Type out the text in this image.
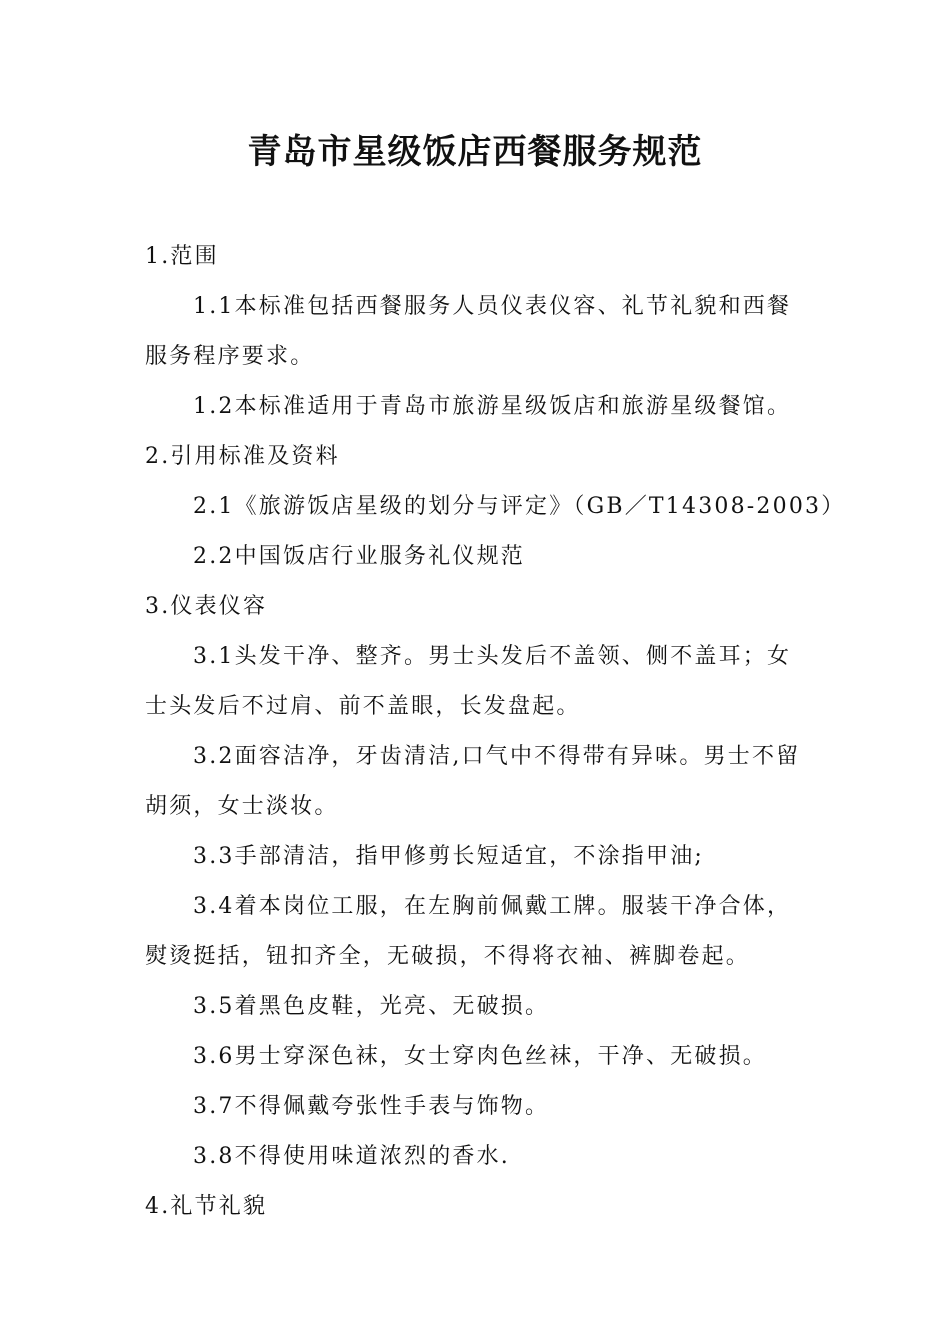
青岛市星级饭店西餐服务规范

1.范围

1.1本标准包括西餐服务人员仪表仪容、礼节礼貌和西餐服务程序要求。

1.2本标准适用于青岛市旅游星级饭店和旅游星级餐馆。

2.引用标准及资料

2.1《旅游饭店星级的划分与评定》（GB／T14308-2003）

2.2中国饭店行业服务礼仪规范

3.仪表仪容

3.1头发干净、整齐。男士头发后不盖领、侧不盖耳；女士头发后不过肩、前不盖眼，长发盘起。

3.2面容洁净，牙齿清洁,口气中不得带有异味。男士不留胡须，女士淡妆。

3.3手部清洁，指甲修剪长短适宜，不涂指甲油;

3.4着本岗位工服，在左胸前佩戴工牌。服装干净合体，熨烫挺括，钮扣齐全，无破损，不得将衣袖、裤脚卷起。

3.5着黑色皮鞋，光亮、无破损。

3.6男士穿深色袜，女士穿肉色丝袜，干净、无破损。

3.7不得佩戴夸张性手表与饰物。

3.8不得使用味道浓烈的香水.

4.礼节礼貌
